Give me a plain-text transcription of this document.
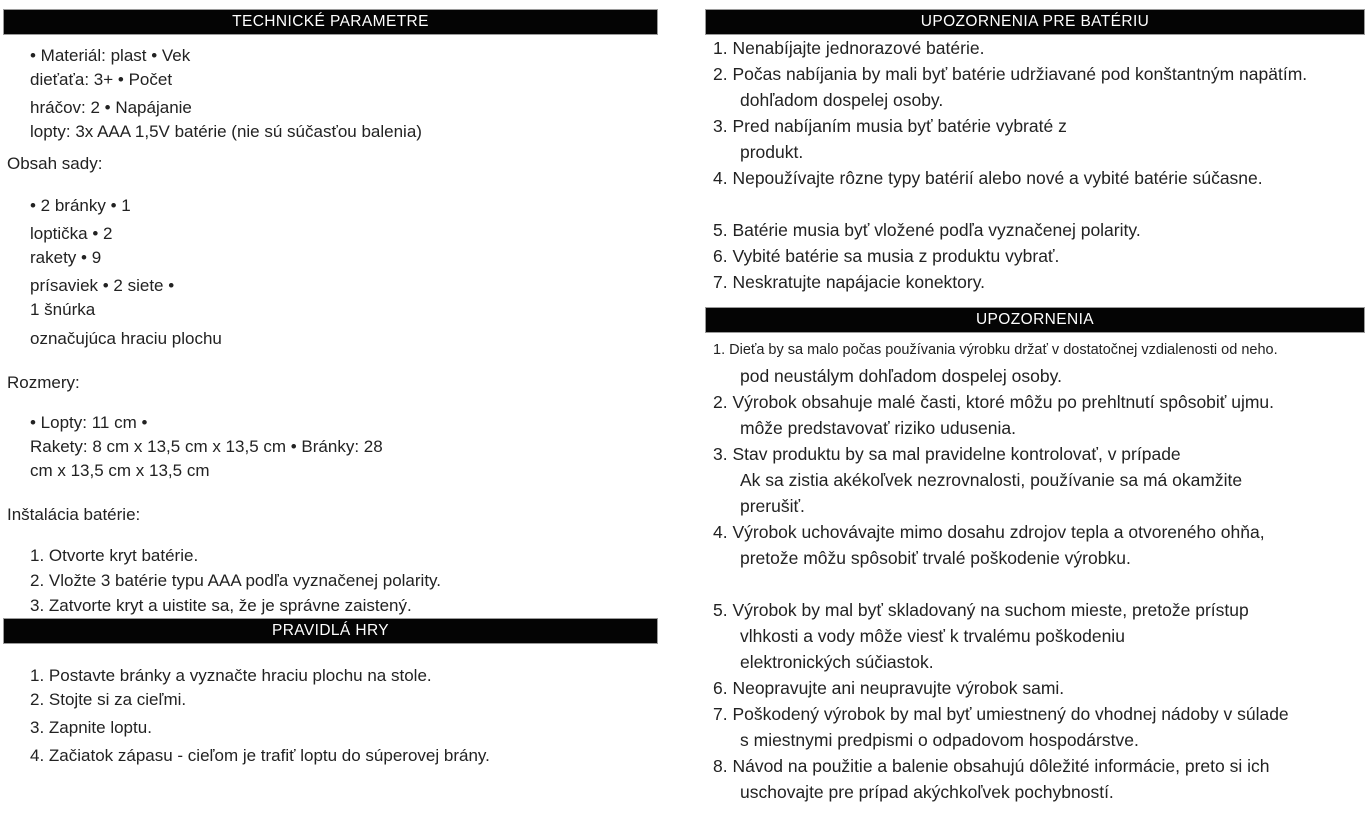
TECHNICKÉ PARAMETRE
• Materiál: plast • Vek
dieťaťa: 3+ • Počet
hráčov: 2 • Napájanie
lopty: 3x AAA 1,5V batérie (nie sú súčasťou balenia)
Obsah sady:
• 2 bránky • 1
loptička • 2
rakety • 9
prísaviek • 2 siete •
1 šnúrka
označujúca hraciu plochu
Rozmery:
• Lopty: 11 cm •
Rakety: 8 cm x 13,5 cm x 13,5 cm • Bránky: 28
cm x 13,5 cm x 13,5 cm
Inštalácia batérie:
1. Otvorte kryt batérie.
2. Vložte 3 batérie typu AAA podľa vyznačenej polarity.
3. Zatvorte kryt a uistite sa, že je správne zaistený.
PRAVIDLÁ HRY
1. Postavte bránky a vyznačte hraciu plochu na stole.
2. Stojte si za cieľmi.
3. Zapnite loptu.
4. Začiatok zápasu - cieľom je trafiť loptu do súperovej brány.
UPOZORNENIA PRE BATÉRIU
1. Nenabíjajte jednorazové batérie.
2. Počas nabíjania by mali byť batérie udržiavané pod konštantným napätím.
dohľadom dospelej osoby.
3. Pred nabíjaním musia byť batérie vybraté z
produkt.
4. Nepoužívajte rôzne typy batérií alebo nové a vybité batérie súčasne.
5. Batérie musia byť vložené podľa vyznačenej polarity.
6. Vybité batérie sa musia z produktu vybrať.
7. Neskratujte napájacie konektory.
UPOZORNENIA
1. Dieťa by sa malo počas používania výrobku držať v dostatočnej vzdialenosti od neho.
pod neustálym dohľadom dospelej osoby.
2. Výrobok obsahuje malé časti, ktoré môžu po prehltnutí spôsobiť ujmu.
môže predstavovať riziko udusenia.
3. Stav produktu by sa mal pravidelne kontrolovať, v prípade
Ak sa zistia akékoľvek nezrovnalosti, používanie sa má okamžite
prerušiť.
4. Výrobok uchovávajte mimo dosahu zdrojov tepla a otvoreného ohňa,
pretože môžu spôsobiť trvalé poškodenie výrobku.
5. Výrobok by mal byť skladovaný na suchom mieste, pretože prístup
vlhkosti a vody môže viesť k trvalému poškodeniu
elektronických súčiastok.
6. Neopravujte ani neupravujte výrobok sami.
7. Poškodený výrobok by mal byť umiestnený do vhodnej nádoby v súlade
s miestnymi predpismi o odpadovom hospodárstve.
8. Návod na použitie a balenie obsahujú dôležité informácie, preto si ich
uschovajte pre prípad akýchkoľvek pochybností.
